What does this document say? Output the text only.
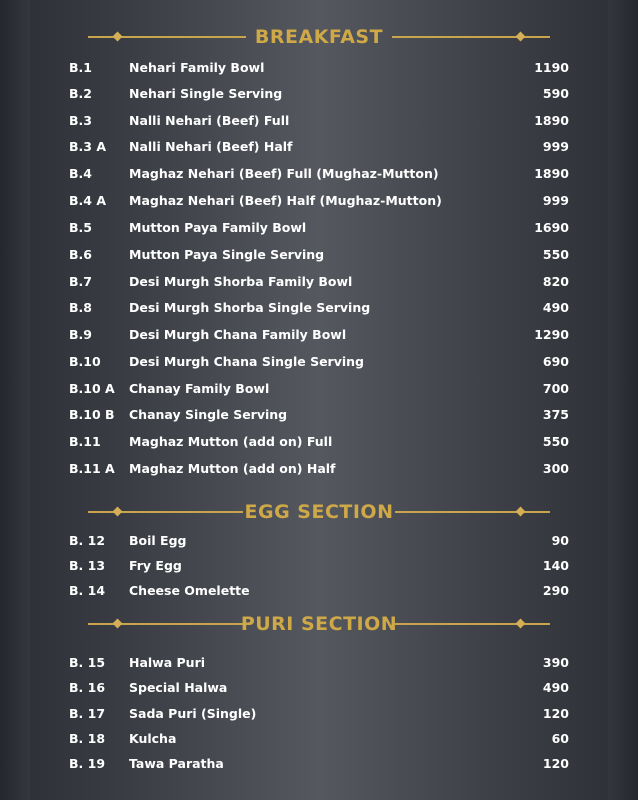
BREAKFAST
B.1	Nehari Family Bowl	1190
B.2	Nehari Single Serving	590
B.3	Nalli Nehari (Beef) Full	1890
B.3 A Nalli Nehari (Beef) Half	999
B.4	Maghaz Nehari (Beef) Full (Mughaz-Mutton)	1890
B.4 A Maghaz Nehari (Beef) Half (Mughaz-Mutton)	999
B.5	Mutton Paya Family Bowl	1690
B.6	Mutton Paya Single Serving	550
B.7	Desi Murgh Shorba Family Bowl	820
B.8	Desi Murgh Shorba Single Serving	490
B.9	Desi Murgh Chana Family Bowl	1290
B.10 Desi Murgh Chana Single Serving	690
B.10 A Chanay Family Bowl	700
B.10 B Chanay Single Serving	375
B.11 Maghaz Mutton (add on) Full	550
B.11 A Maghaz Mutton (add on) Half	300
EGG SECTION
B. 12 Boil Egg	90
B. 13 Fry Egg	140
B. 14 Cheese Omelette	290
PURI SECTION
B. 15 Halwa Puri	390
B. 16 Special Halwa	490
B. 17 Sada Puri (Single)	120
B. 18 Kulcha	60
B. 19 Tawa Paratha	120
